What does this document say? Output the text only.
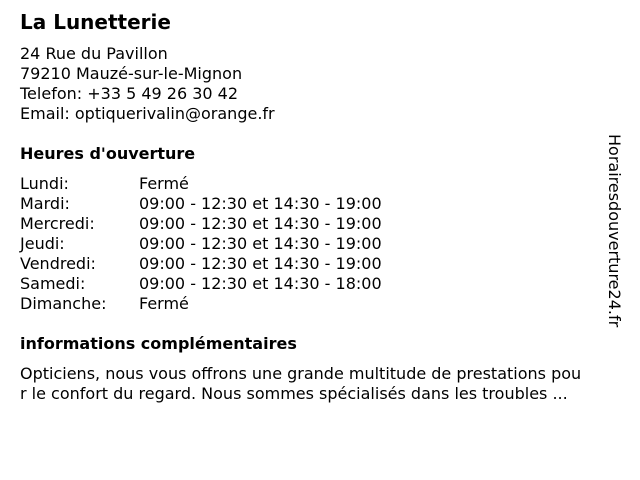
La Lunetterie
24 Rue du Pavillon
79210 Mauzé-sur-le-Mignon
Telefon: +33 5 49 26 30 42
Email: optiquerivalin@orange.fr
Heures d'ouverture
Lundi:	Fermé
Mardi:	09:00 - 12:30 et 14:30 - 19:00
Mercredi:	09:00 - 12:30 et 14:30 - 19:00
Jeudi:	09:00 - 12:30 et 14:30 - 19:00
Vendredi:	09:00 - 12:30 et 14:30 - 19:00
Samedi:	09:00 - 12:30 et 14:30 - 18:00
Dimanche: Fermé
informations complémentaires
Opticiens, nous vous offrons une grande multitude de prestations pou
r le confort du regard. Nous sommes spécialisés dans les troubles ...
Horairesdouverture24.fr
